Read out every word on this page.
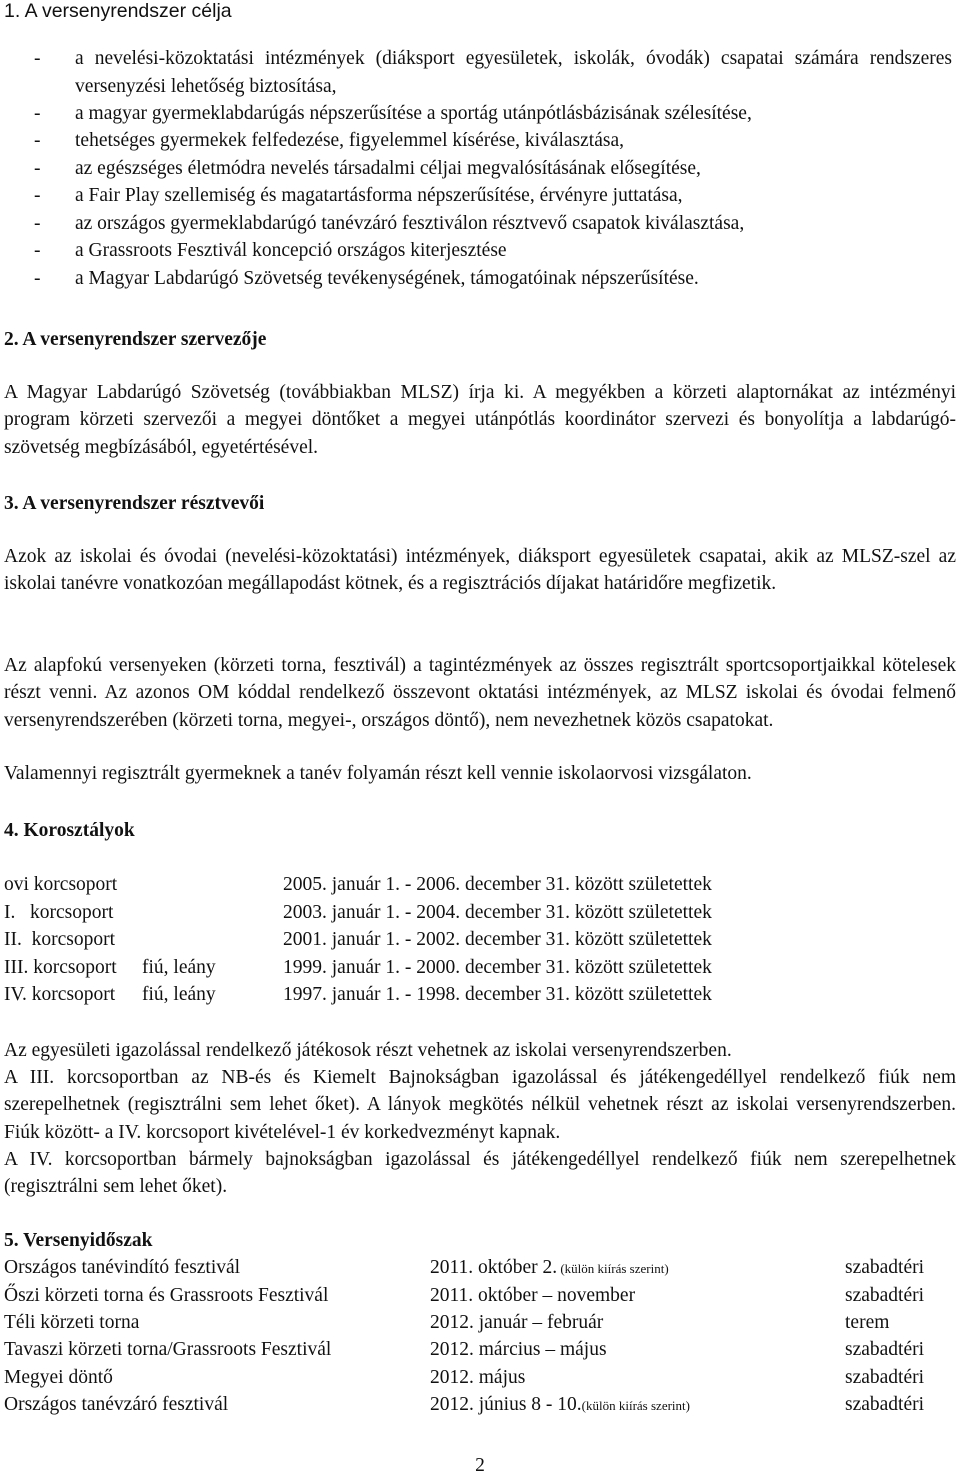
1. A versenyrendszer célja
- a nevelési-közoktatási intézmények (diáksport egyesületek, iskolák, óvodák) csapatai számára rendszeres versenyzési lehetőség biztosítása,
- a magyar gyermeklabdarúgás népszerűsítése a sportág utánpótlásbázisának szélesítése,
- tehetséges gyermekek felfedezése, figyelemmel kísérése, kiválasztása,
- az egészséges életmódra nevelés társadalmi céljai megvalósításának elősegítése,
- a Fair Play szellemiség és magatartásforma népszerűsítése, érvényre juttatása,
- az országos gyermeklabdarúgó tanévzáró fesztiválon résztvevő csapatok kiválasztása,
- a Grassroots Fesztivál koncepció országos kiterjesztése
- a Magyar Labdarúgó Szövetség tevékenységének, támogatóinak népszerűsítése.
2. A versenyrendszer szervezője
A Magyar Labdarúgó Szövetség (továbbiakban MLSZ) írja ki. A megyékben a körzeti alaptornákat az intézményi program körzeti szervezői a megyei döntőket a megyei utánpótlás koordinátor szervezi és bonyolítja a labdarúgó-szövetség megbízásából, egyetértésével.
3. A versenyrendszer résztvevői
Azok az iskolai és óvodai (nevelési-közoktatási) intézmények, diáksport egyesületek csapatai, akik az MLSZ-szel az iskolai tanévre vonatkozóan megállapodást kötnek, és a regisztrációs díjakat határidőre megfizetik.
Az alapfokú versenyeken (körzeti torna, fesztivál) a tagintézmények az összes regisztrált sportcsoportjaikkal kötelesek részt venni. Az azonos OM kóddal rendelkező összevont oktatási intézmények, az MLSZ iskolai és óvodai felmenő versenyrendszerében (körzeti torna, megyei-, országos döntő), nem nevezhetnek közös csapatokat.
Valamennyi regisztrált gyermeknek a tanév folyamán részt kell vennie iskolaorvosi vizsgálaton.
4. Korosztályok
ovi korcsoport	2005. január 1. - 2006. december 31. között születettek
I.   korcsoport	2003. január 1. - 2004. december 31. között születettek
II.  korcsoport	2001. január 1. - 2002. december 31. között születettek
III. korcsoport fiú, leány	1999. január 1. - 2000. december 31. között születettek
IV. korcsoport fiú, leány	1997. január 1. - 1998. december 31. között születettek
Az egyesületi igazolással rendelkező játékosok részt vehetnek az iskolai versenyrendszerben.
A III. korcsoportban az NB-és és Kiemelt Bajnokságban igazolással és játékengedéllyel rendelkező fiúk nem szerepelhetnek (regisztrálni sem lehet őket). A lányok megkötés nélkül vehetnek részt az iskolai versenyrendszerben. Fiúk között- a IV. korcsoport kivételével-1 év korkedvezményt kapnak.
A IV. korcsoportban bármely bajnokságban igazolással és játékengedéllyel rendelkező fiúk nem szerepelhetnek (regisztrálni sem lehet őket).
5. Versenyidőszak
Országos tanévindító fesztivál	2011. október 2. (külön kiírás szerint)	szabadtéri
Őszi körzeti torna és Grassroots Fesztivál	2011. október – november	szabadtéri
Téli körzeti torna	2012. január – február	terem
Tavaszi körzeti torna/Grassroots Fesztivál	2012. március – május	szabadtéri
Megyei döntő	2012. május	szabadtéri
Országos tanévzáró fesztivál	2012. június 8 - 10.(külön kiírás szerint)	szabadtéri
2
